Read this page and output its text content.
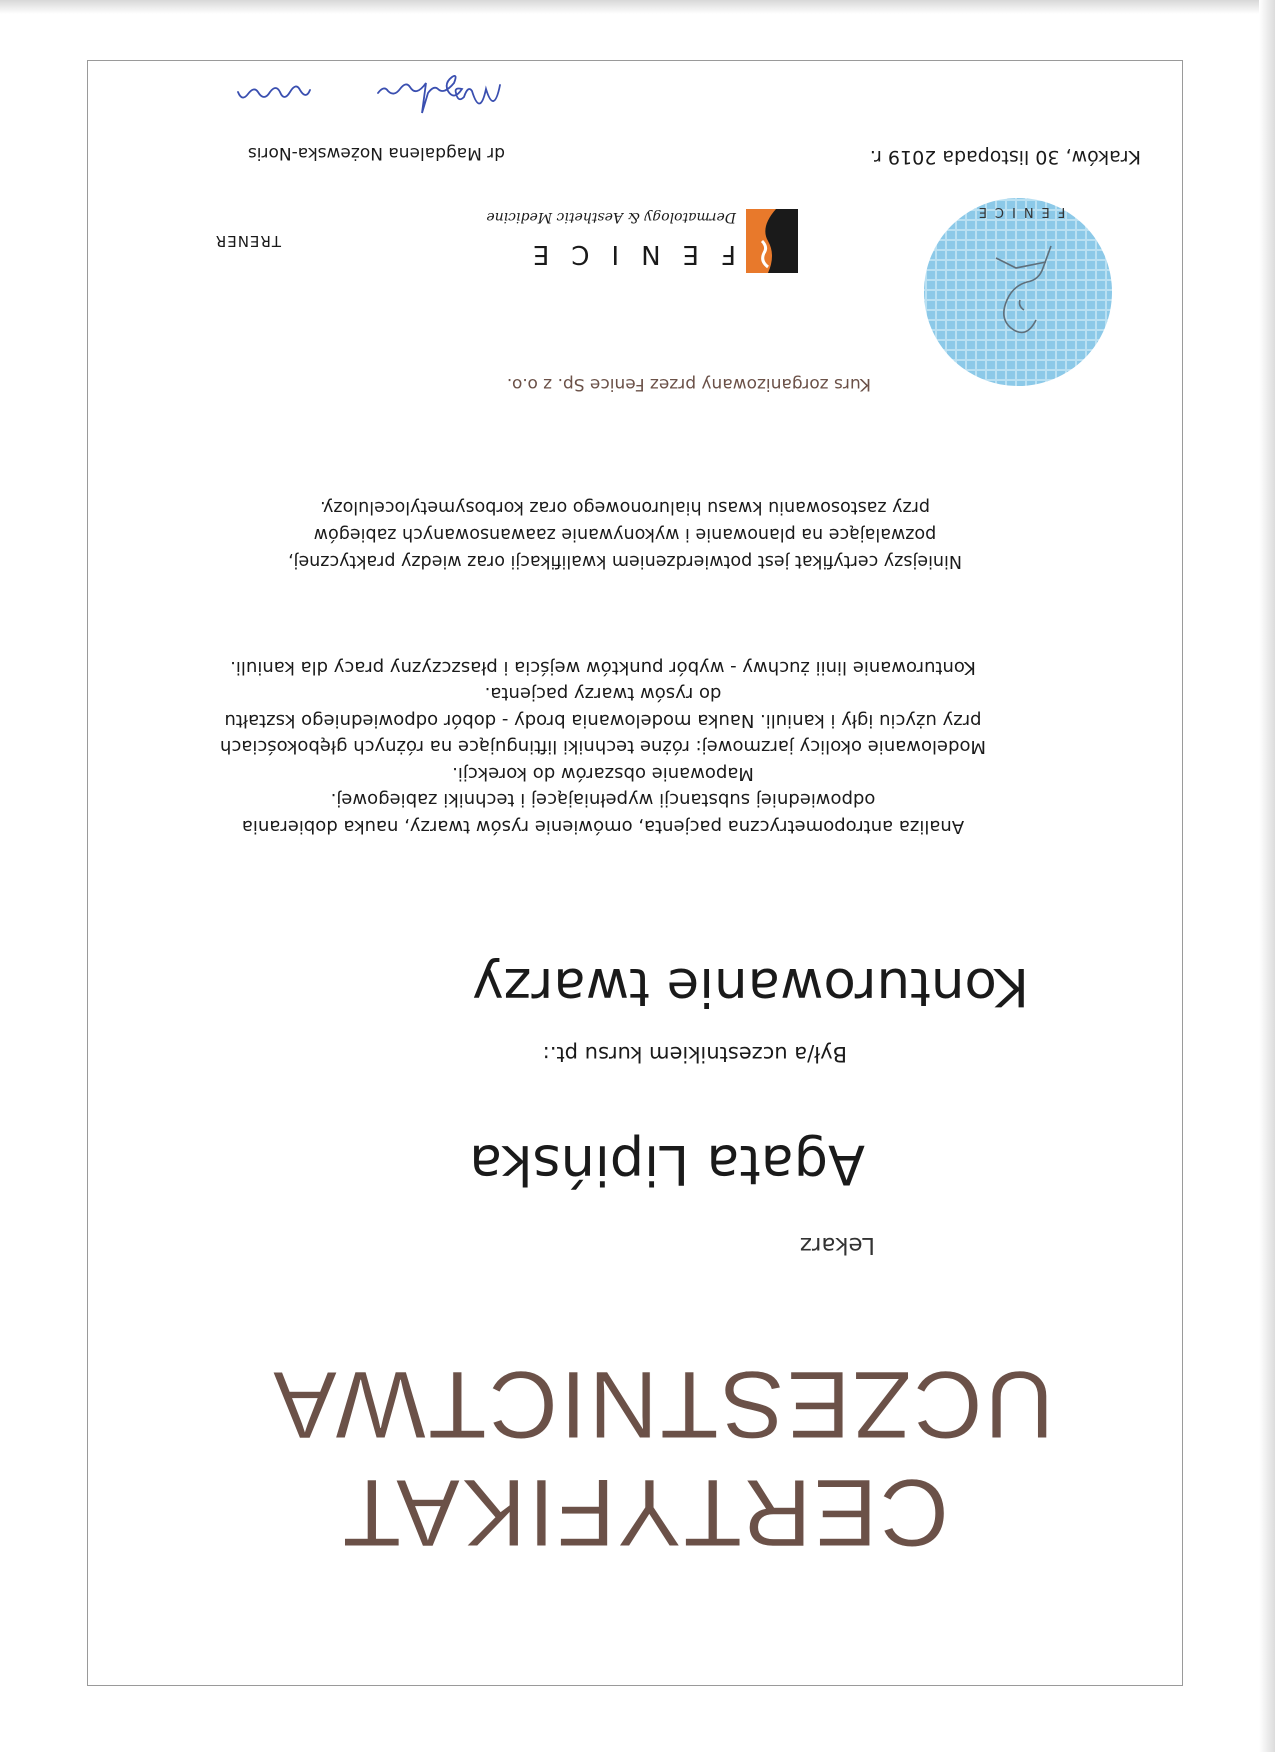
CERTYFIKAT
UCZESTNICTWA
Lekarz
Agata Lipińska
Był/a uczestnikiem kursu pt.:
Konturowanie twarzy
Analiza antropometryczna pacjenta, omówienie rysów twarzy, nauka dobierania
odpowiedniej substancji wypełniającej i techniki zabiegowej.
Mapowanie obszarów do korekcji.
Modelowanie okolicy jarzmowej: różne techniki liftingujące na różnych głębokościach
przy użyciu igły i kaniuli. Nauka modelowania brody - dobór odpowiedniego kształtu
do rysów twarzy pacjenta.
Konturowanie linii żuchwy - wybór punktów wejścia i płaszczyzny pracy dla kaniuli.
Niniejszy certyfikat jest potwierdzeniem kwalifikacji oraz wiedzy praktycznej,
pozwalające na planowanie i wykonywanie zaawansowanych zabiegów
przy zastosowaniu kwasu hialuronowego oraz korbosymetylocelulozy.
Kurs zorganizowany przez Fenice Sp. z o.o.
FENICE
FENICE
Dermatology & Aesthetic Medicine
TRENER
Kraków, 30 listopada 2019 r.
dr Magdalena Nożewska-Noris
